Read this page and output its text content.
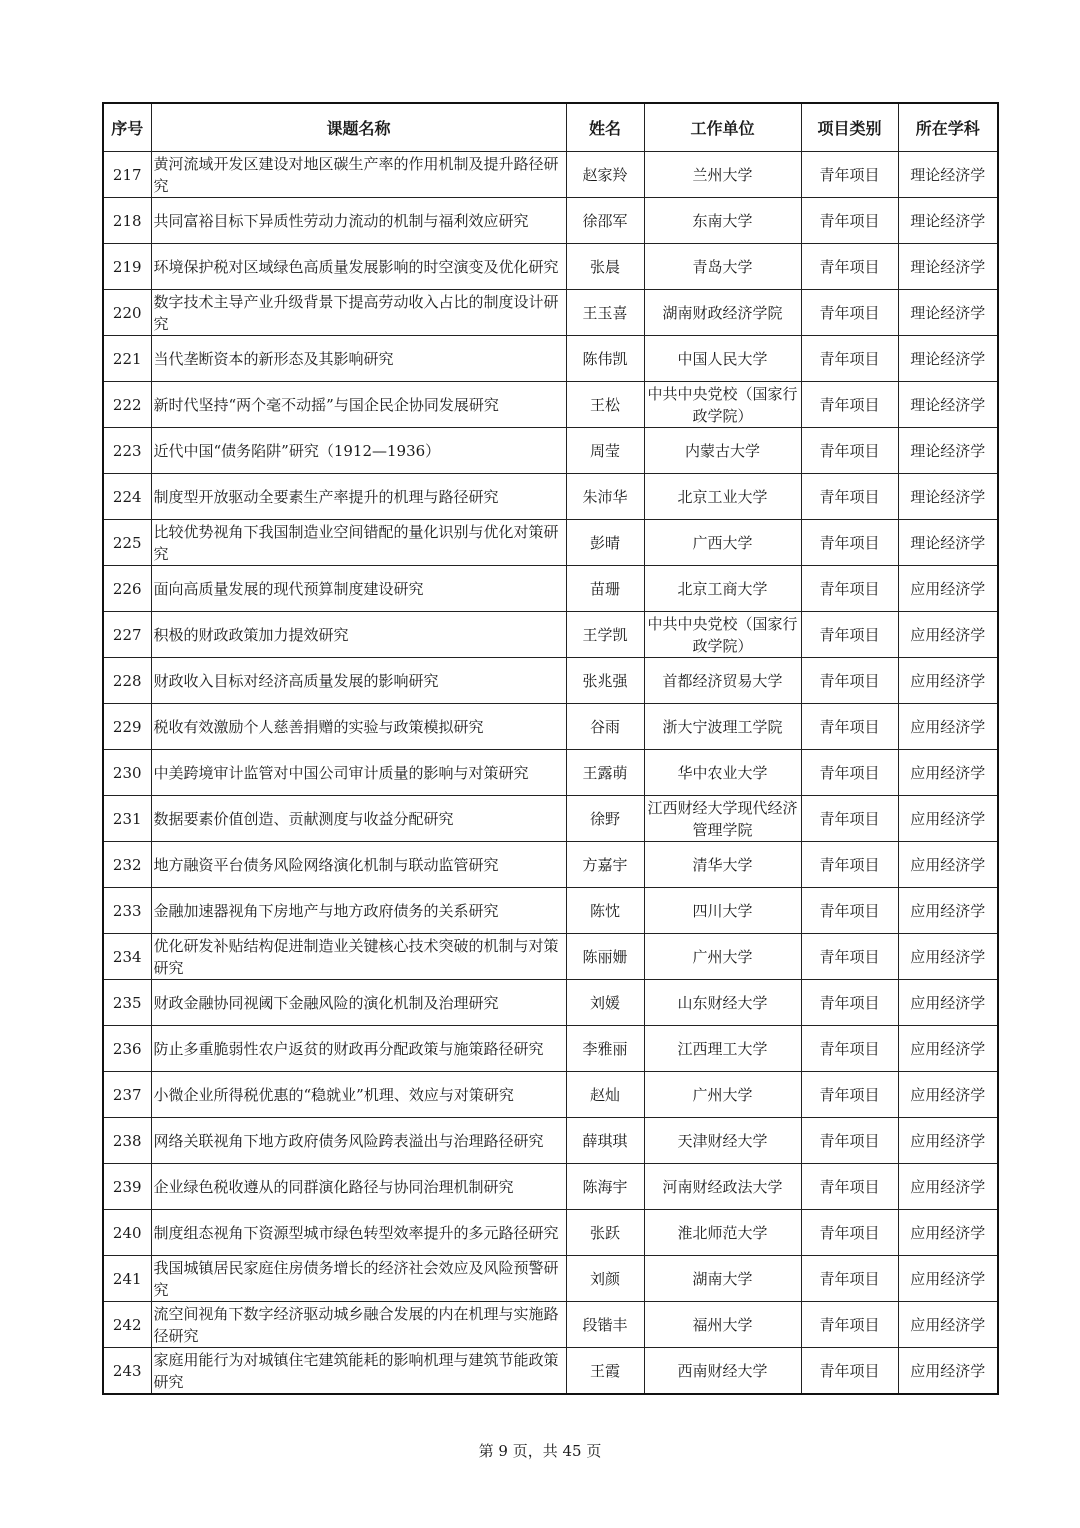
序号	课题名称	姓名	工作单位	项目类别	所在学科
217	黄河流域开发区建设对地区碳生产率的作用机制及提升路径研究	赵家羚	兰州大学	青年项目	理论经济学
218	共同富裕目标下异质性劳动力流动的机制与福利效应研究	徐邵军	东南大学	青年项目	理论经济学
219	环境保护税对区域绿色高质量发展影响的时空演变及优化研究	张晨	青岛大学	青年项目	理论经济学
220	数字技术主导产业升级背景下提高劳动收入占比的制度设计研究	王玉喜	湖南财政经济学院	青年项目	理论经济学
221	当代垄断资本的新形态及其影响研究	陈伟凯	中国人民大学	青年项目	理论经济学
222	新时代坚持“两个毫不动摇”与国企民企协同发展研究	王松	中共中央党校（国家行政学院）	青年项目	理论经济学
223	近代中国“债务陷阱”研究（1912—1936）	周莹	内蒙古大学	青年项目	理论经济学
224	制度型开放驱动全要素生产率提升的机理与路径研究	朱沛华	北京工业大学	青年项目	理论经济学
225	比较优势视角下我国制造业空间错配的量化识别与优化对策研究	彭晴	广西大学	青年项目	理论经济学
226	面向高质量发展的现代预算制度建设研究	苗珊	北京工商大学	青年项目	应用经济学
227	积极的财政政策加力提效研究	王学凯	中共中央党校（国家行政学院）	青年项目	应用经济学
228	财政收入目标对经济高质量发展的影响研究	张兆强	首都经济贸易大学	青年项目	应用经济学
229	税收有效激励个人慈善捐赠的实验与政策模拟研究	谷雨	浙大宁波理工学院	青年项目	应用经济学
230	中美跨境审计监管对中国公司审计质量的影响与对策研究	王露萌	华中农业大学	青年项目	应用经济学
231	数据要素价值创造、贡献测度与收益分配研究	徐野	江西财经大学现代经济管理学院	青年项目	应用经济学
232	地方融资平台债务风险网络演化机制与联动监管研究	方嘉宇	清华大学	青年项目	应用经济学
233	金融加速器视角下房地产与地方政府债务的关系研究	陈忱	四川大学	青年项目	应用经济学
234	优化研发补贴结构促进制造业关键核心技术突破的机制与对策研究	陈丽姗	广州大学	青年项目	应用经济学
235	财政金融协同视阈下金融风险的演化机制及治理研究	刘媛	山东财经大学	青年项目	应用经济学
236	防止多重脆弱性农户返贫的财政再分配政策与施策路径研究	李雅丽	江西理工大学	青年项目	应用经济学
237	小微企业所得税优惠的“稳就业”机理、效应与对策研究	赵灿	广州大学	青年项目	应用经济学
238	网络关联视角下地方政府债务风险跨表溢出与治理路径研究	薛琪琪	天津财经大学	青年项目	应用经济学
239	企业绿色税收遵从的同群演化路径与协同治理机制研究	陈海宇	河南财经政法大学	青年项目	应用经济学
240	制度组态视角下资源型城市绿色转型效率提升的多元路径研究	张跃	淮北师范大学	青年项目	应用经济学
241	我国城镇居民家庭住房债务增长的经济社会效应及风险预警研究	刘颜	湖南大学	青年项目	应用经济学
242	流空间视角下数字经济驱动城乡融合发展的内在机理与实施路径研究	段锴丰	福州大学	青年项目	应用经济学
243	家庭用能行为对城镇住宅建筑能耗的影响机理与建筑节能政策研究	王霞	西南财经大学	青年项目	应用经济学
第 9 页，共 45 页
